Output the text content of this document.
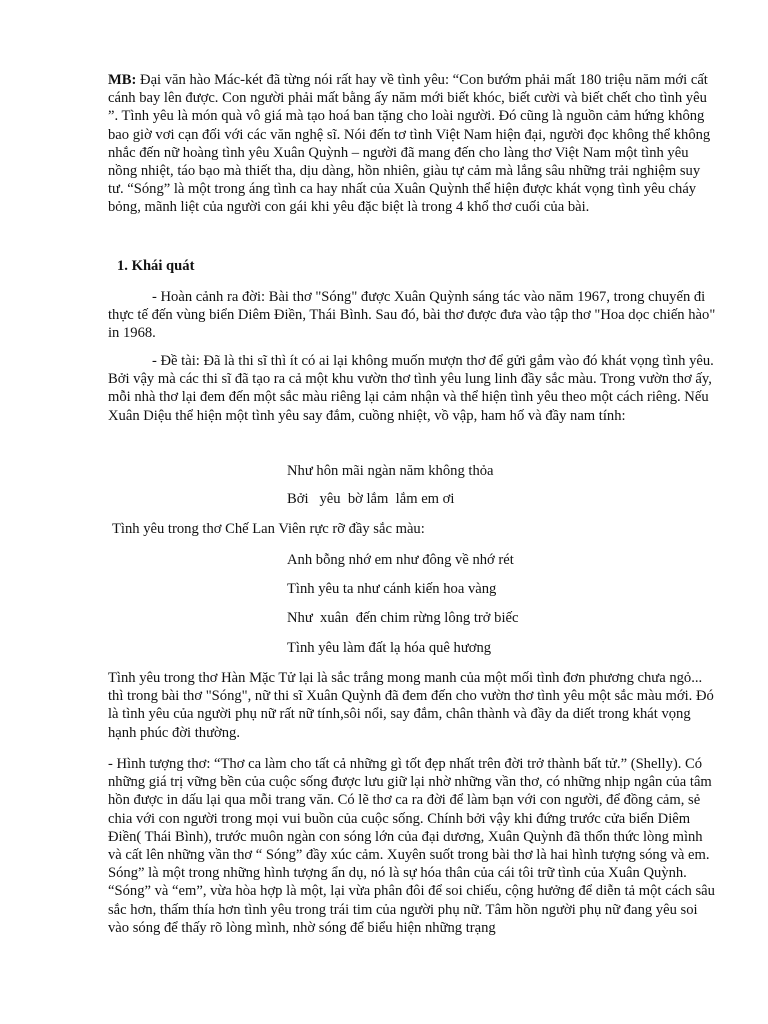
MB: Đại văn hào Mác-két đã từng nói rất hay về tình yêu: “Con bướm phải mất 180 triệu năm mới cất cánh bay lên được. Con người phải mất bằng ấy năm mới biết khóc, biết cười và biết chết cho tình yêu ”. Tình yêu là món quà vô giá mà tạo hoá ban tặng cho loài người. Đó cũng là nguồn cảm hứng không bao giờ vơi cạn đối với các văn nghệ sĩ. Nói đến tơ tình Việt Nam hiện đại, người đọc không thể không nhắc đến nữ hoàng tình yêu Xuân Quỳnh – người đã mang đến cho làng thơ Việt Nam một tình yêu nồng nhiệt, táo bạo mà thiết tha, dịu dàng, hồn nhiên, giàu tự cảm mà lắng sâu những trải nghiệm suy tư. “Sóng” là một trong áng tình ca hay nhất của Xuân Quỳnh thể hiện được khát vọng tình yêu cháy bỏng, mãnh liệt của người con gái khi yêu đặc biệt là trong 4 khổ thơ cuối của bài.

1. Khái quát

- Hoàn cảnh ra đời: Bài thơ "Sóng" được Xuân Quỳnh sáng tác vào năm 1967, trong chuyến đi thực tế đến vùng biển Diêm Điền, Thái Bình. Sau đó, bài thơ được đưa vào tập thơ "Hoa dọc chiến hào" in 1968.

- Đề tài: Đã là thi sĩ thì ít có ai lại không muốn mượn thơ để gửi gắm vào đó khát vọng tình yêu. Bởi vậy mà các thi sĩ đã tạo ra cả một khu vườn thơ tình yêu lung linh đầy sắc màu. Trong vườn thơ ấy, mỗi nhà thơ lại đem đến một sắc màu riêng lại cảm nhận và thể hiện tình yêu theo một cách riêng. Nếu Xuân Diệu thể hiện một tình yêu say đắm, cuồng nhiệt, vồ vập, ham hố và đầy nam tính:

Như hôn mãi ngàn năm không thỏa

Bởi   yêu  bờ lắm  lắm em ơi

Tình yêu trong thơ Chế Lan Viên rực rỡ đầy sắc màu:

Anh bỗng nhớ em như đông về nhớ rét

Tình yêu ta như cánh kiến hoa vàng

Như  xuân  đến chim rừng lông trở biếc

Tình yêu làm đất lạ hóa quê hương

Tình yêu trong thơ Hàn Mặc Tử lại là sắc trắng mong manh của một mối tình đơn phương chưa ngỏ... thì trong bài thơ "Sóng", nữ thi sĩ Xuân Quỳnh đã đem đến cho vườn thơ tình yêu một sắc màu mới. Đó là tình yêu của người phụ nữ rất nữ tính,sôi nổi, say đắm, chân thành và đầy da diết trong khát vọng hạnh phúc đời thường.

- Hình tượng thơ: “Thơ ca làm cho tất cả những gì tốt đẹp nhất trên đời trở thành bất tử.” (Shelly). Có những giá trị vững bền của cuộc sống được lưu giữ lại nhờ những vần thơ, có những nhịp ngân của tâm hồn được in dấu lại qua mỗi trang văn. Có lẽ thơ ca ra đời để làm bạn với con người, để đồng cảm, sẻ chia với con người trong mọi vui buồn của cuộc sống. Chính bởi vậy khi đứng trước cửa biển Diêm Điền( Thái Bình), trước muôn ngàn con sóng lớn của đại dương, Xuân Quỳnh đã thổn thức lòng mình và cất lên những vần thơ “ Sóng” đầy xúc cảm. Xuyên suốt trong bài thơ là hai hình tượng sóng và em. Sóng” là một trong những hình tượng ẩn dụ, nó là sự hóa thân của cái tôi trữ tình của Xuân Quỳnh. “Sóng” và “em”, vừa hòa hợp là một, lại vừa phân đôi để soi chiếu, cộng hưởng để diễn tả một cách sâu sắc hơn, thấm thía hơn tình yêu trong trái tim của người phụ nữ. Tâm hồn người phụ nữ đang yêu soi vào sóng để thấy rõ lòng mình, nhờ sóng để biểu hiện những trạng
